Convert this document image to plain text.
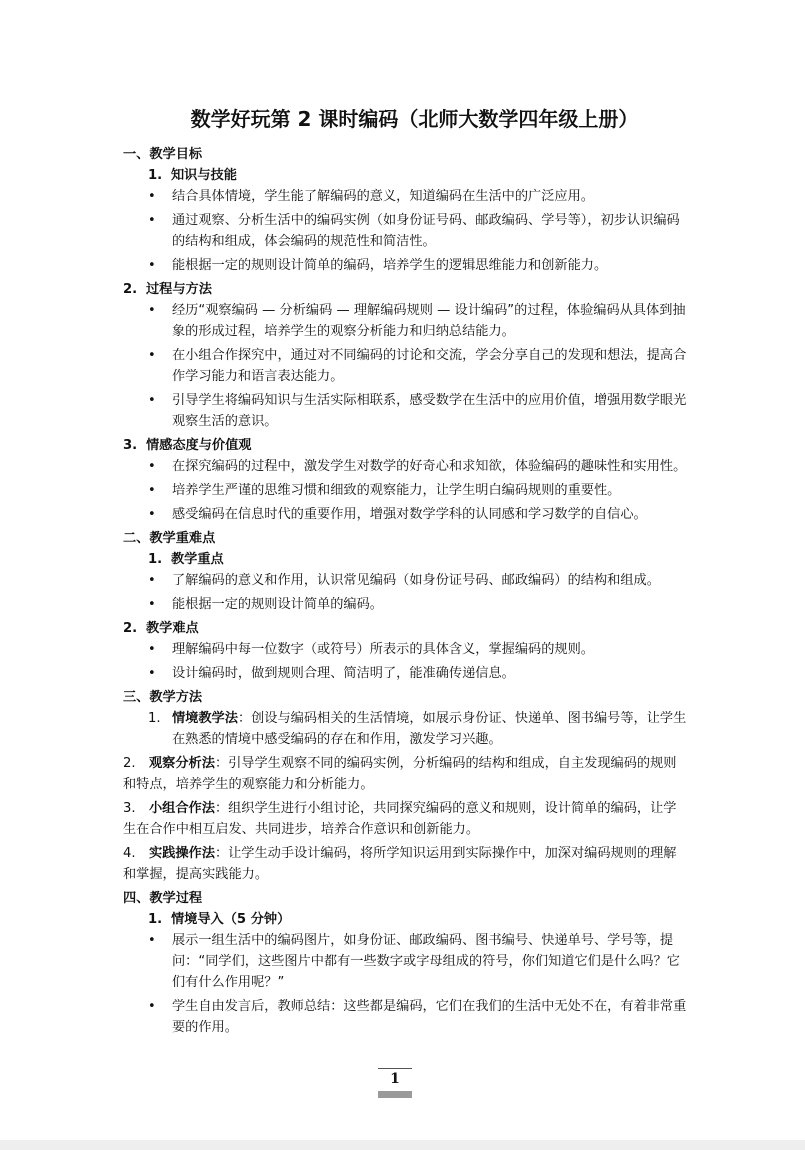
数学好玩第 2 课时编码（北师大数学四年级上册）

一、教学目标

1. 知识与技能

• 结合具体情境，学生能了解编码的意义，知道编码在生活中的广泛应用。
• 通过观察、分析生活中的编码实例（如身份证号码、邮政编码、学号等），初步认识编码的结构和组成，体会编码的规范性和简洁性。
• 能根据一定的规则设计简单的编码，培养学生的逻辑思维能力和创新能力。

2. 过程与方法

• 经历“观察编码 — 分析编码 — 理解编码规则 — 设计编码”的过程，体验编码从具体到抽象的形成过程，培养学生的观察分析能力和归纳总结能力。
• 在小组合作探究中，通过对不同编码的讨论和交流，学会分享自己的发现和想法，提高合作学习能力和语言表达能力。
• 引导学生将编码知识与生活实际相联系，感受数学在生活中的应用价值，增强用数学眼光观察生活的意识。

3. 情感态度与价值观

• 在探究编码的过程中，激发学生对数学的好奇心和求知欲，体验编码的趣味性和实用性。
• 培养学生严谨的思维习惯和细致的观察能力，让学生明白编码规则的重要性。
• 感受编码在信息时代的重要作用，增强对数学学科的认同感和学习数学的自信心。

二、教学重难点

1. 教学重点

• 了解编码的意义和作用，认识常见编码（如身份证号码、邮政编码）的结构和组成。
• 能根据一定的规则设计简单的编码。

2. 教学难点

• 理解编码中每一位数字（或符号）所表示的具体含义，掌握编码的规则。
• 设计编码时，做到规则合理、简洁明了，能准确传递信息。

三、教学方法

1. 情境教学法：创设与编码相关的生活情境，如展示身份证、快递单、图书编号等，让学生在熟悉的情境中感受编码的存在和作用，激发学习兴趣。

2. 观察分析法：引导学生观察不同的编码实例，分析编码的结构和组成，自主发现编码的规则和特点，培养学生的观察能力和分析能力。

3. 小组合作法：组织学生进行小组讨论，共同探究编码的意义和规则，设计简单的编码，让学生在合作中相互启发、共同进步，培养合作意识和创新能力。

4. 实践操作法：让学生动手设计编码，将所学知识运用到实际操作中，加深对编码规则的理解和掌握，提高实践能力。

四、教学过程

1. 情境导入（5 分钟）

• 展示一组生活中的编码图片，如身份证、邮政编码、图书编号、快递单号、学号等，提问：“同学们，这些图片中都有一些数字或字母组成的符号，你们知道它们是什么吗？它们有什么作用呢？”
• 学生自由发言后，教师总结：这些都是编码，它们在我们的生活中无处不在，有着非常重要的作用。
1
